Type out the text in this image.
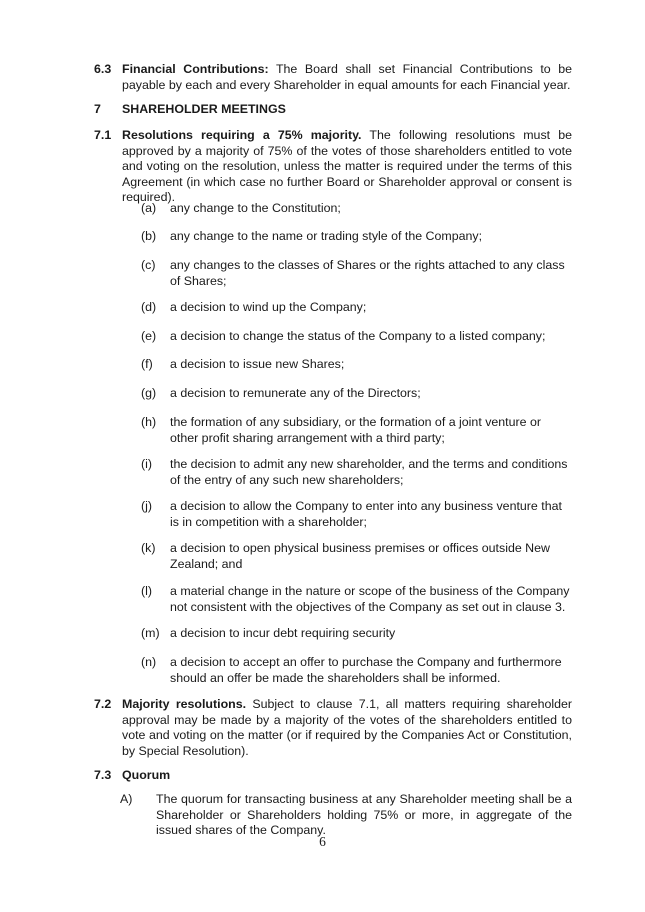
6.3 Financial Contributions: The Board shall set Financial Contributions to be payable by each and every Shareholder in equal amounts for each Financial year.
7 SHAREHOLDER MEETINGS
7.1 Resolutions requiring a 75% majority. The following resolutions must be approved by a majority of 75% of the votes of those shareholders entitled to vote and voting on the resolution, unless the matter is required under the terms of this Agreement (in which case no further Board or Shareholder approval or consent is required).
(a) any change to the Constitution;
(b) any change to the name or trading style of the Company;
(c) any changes to the classes of Shares or the rights attached to any class of Shares;
(d) a decision to wind up the Company;
(e) a decision to change the status of the Company to a listed company;
(f) a decision to issue new Shares;
(g) a decision to remunerate any of the Directors;
(h) the formation of any subsidiary, or the formation of a joint venture or other profit sharing arrangement with a third party;
(i) the decision to admit any new shareholder, and the terms and conditions of the entry of any such new shareholders;
(j) a decision to allow the Company to enter into any business venture that is in competition with a shareholder;
(k) a decision to open physical business premises or offices outside New Zealand; and
(l) a material change in the nature or scope of the business of the Company not consistent with the objectives of the Company as set out in clause 3.
(m) a decision to incur debt requiring security
(n) a decision to accept an offer to purchase the Company and furthermore should an offer be made the shareholders shall be informed.
7.2 Majority resolutions. Subject to clause 7.1, all matters requiring shareholder approval may be made by a majority of the votes of the shareholders entitled to vote and voting on the matter (or if required by the Companies Act or Constitution, by Special Resolution).
7.3 Quorum
A) The quorum for transacting business at any Shareholder meeting shall be a Shareholder or Shareholders holding 75% or more, in aggregate of the issued shares of the Company.
6
